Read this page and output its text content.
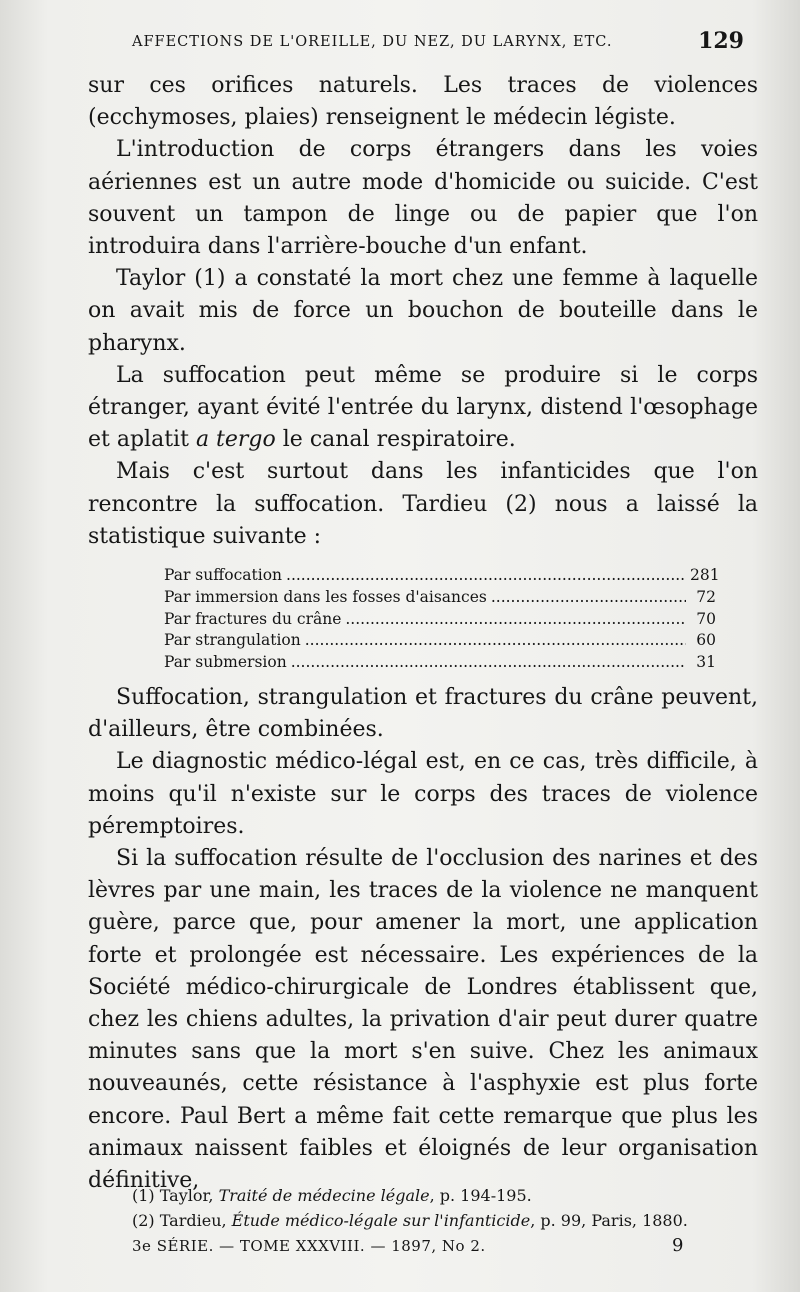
AFFECTIONS DE L'OREILLE, DU NEZ, DU LARYNX, ETC.	129

sur ces orifices naturels. Les traces de violences (ecchymoses, plaies) renseignent le médecin légiste.

L'introduction de corps étrangers dans les voies aériennes est un autre mode d'homicide ou suicide. C'est souvent un tampon de linge ou de papier que l'on introduira dans l'arrière-bouche d'un enfant.

Taylor (1) a constaté la mort chez une femme à laquelle on avait mis de force un bouchon de bouteille dans le pharynx.

La suffocation peut même se produire si le corps étranger, ayant évité l'entrée du larynx, distend l'œsophage et aplatit a tergo le canal respiratoire.

Mais c'est surtout dans les infanticides que l'on rencontre la suffocation. Tardieu (2) nous a laissé la statistique suivante :

Par suffocation .....	281
Par immersion dans les fosses d'aisances .....	72
Par fractures du crâne .....	70
Par strangulation .....	60
Par submersion .....	31

Suffocation, strangulation et fractures du crâne peuvent, d'ailleurs, être combinées.

Le diagnostic médico-légal est, en ce cas, très difficile, à moins qu'il n'existe sur le corps des traces de violence péremptoires.

Si la suffocation résulte de l'occlusion des narines et des lèvres par une main, les traces de la violence ne manquent guère, parce que, pour amener la mort, une application forte et prolongée est nécessaire. Les expériences de la Société médico-chirurgicale de Londres établissent que, chez les chiens adultes, la privation d'air peut durer quatre minutes sans que la mort s'en suive. Chez les animaux nouveaunés, cette résistance à l'asphyxie est plus forte encore. Paul Bert a même fait cette remarque que plus les animaux naissent faibles et éloignés de leur organisation définitive,

(1) Taylor, Traité de médecine légale, p. 194-195.
(2) Tardieu, Étude médico-légale sur l'infanticide, p. 99, Paris, 1880.
3e SÉRIE. — TOME XXXVIII. — 1897, No 2.	9
